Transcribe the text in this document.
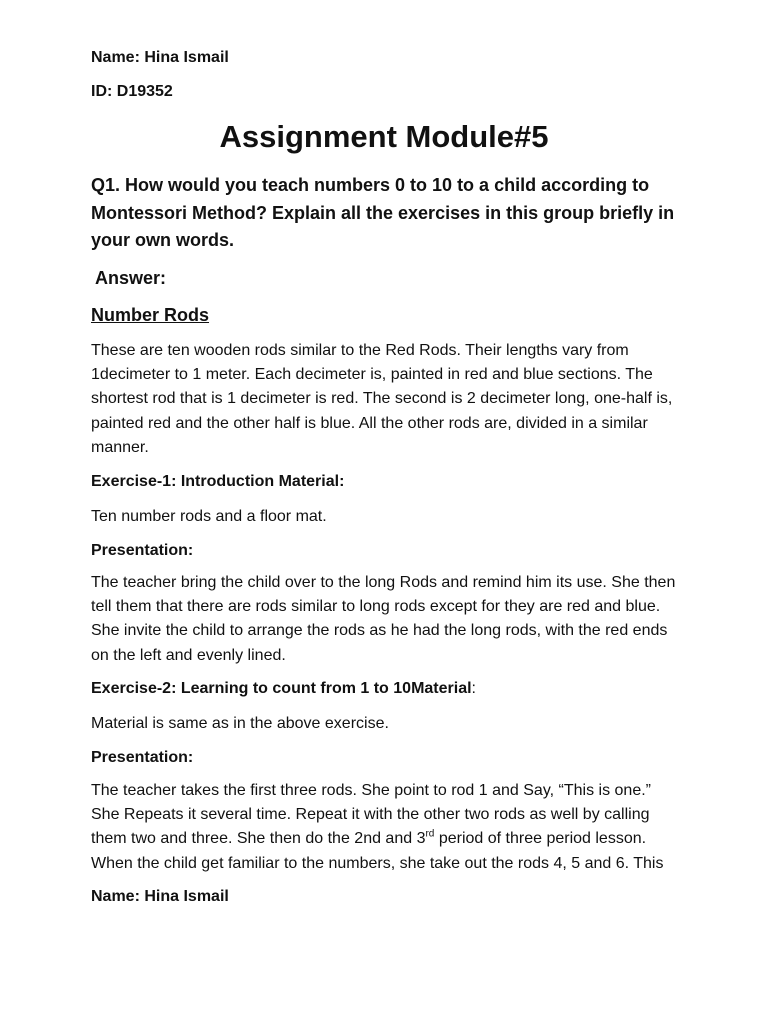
Name: Hina Ismail
ID: D19352
Assignment Module#5
Q1. How would you teach numbers 0 to 10 to a child according to Montessori Method? Explain all the exercises in this group briefly in your own words.
Answer:
Number Rods
These are ten wooden rods similar to the Red Rods. Their lengths vary from
1decimeter to 1 meter. Each decimeter is, painted in red and blue sections. The
shortest rod that is 1 decimeter is red. The second is 2 decimeter long, one-half is,
painted red and the other half is blue. All the other rods are, divided in a similar
manner.
Exercise-1: Introduction Material:
Ten number rods and a floor mat.
Presentation:
The teacher bring the child over to the long Rods and remind him its use. She then
tell them that there are rods similar to long rods except for they are red and blue.
She invite the child to arrange the rods as he had the long rods, with the red ends
on the left and evenly lined.
Exercise-2: Learning to count from 1 to 10Material:
Material is same as in the above exercise.
Presentation:
The teacher takes the first three rods. She point to rod 1 and Say, “This is one.”
She Repeats it several time. Repeat it with the other two rods as well by calling
them two and three. She then do the 2nd and 3rd period of three period lesson.
When the child get familiar to the numbers, she take out the rods 4, 5 and 6. This
Name: Hina Ismail
